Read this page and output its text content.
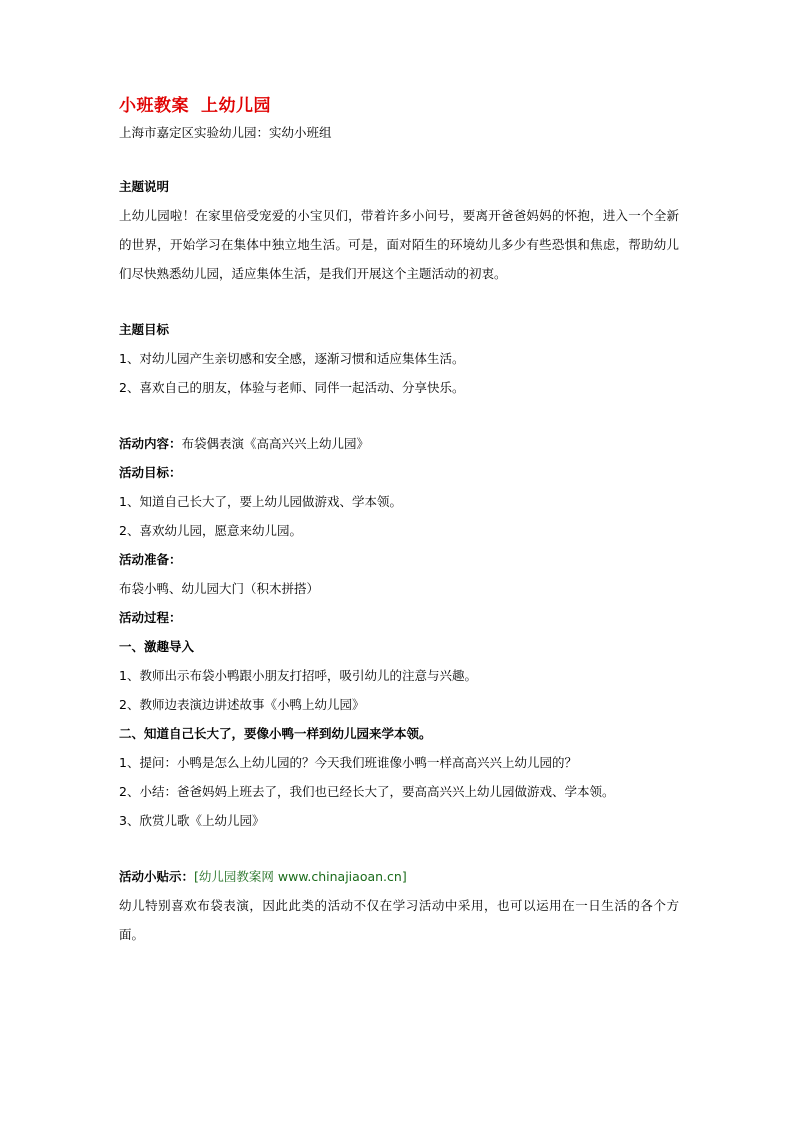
小班教案 上幼儿园

上海市嘉定区实验幼儿园：实幼小班组

主题说明

上幼儿园啦！在家里倍受宠爱的小宝贝们，带着许多小问号，要离开爸爸妈妈的怀抱，进入一个全新的世界，开始学习在集体中独立地生活。可是，面对陌生的环境幼儿多少有些恐惧和焦虑，帮助幼儿们尽快熟悉幼儿园，适应集体生活，是我们开展这个主题活动的初衷。

主题目标

1、对幼儿园产生亲切感和安全感，逐渐习惯和适应集体生活。

2、喜欢自己的朋友，体验与老师、同伴一起活动、分享快乐。

活动内容：布袋偶表演《高高兴兴上幼儿园》

活动目标：

1、知道自己长大了，要上幼儿园做游戏、学本领。

2、喜欢幼儿园，愿意来幼儿园。

活动准备：

布袋小鸭、幼儿园大门（积木拼搭）

活动过程：

一、激趣导入

1、教师出示布袋小鸭跟小朋友打招呼，吸引幼儿的注意与兴趣。

2、教师边表演边讲述故事《小鸭上幼儿园》

二、知道自己长大了，要像小鸭一样到幼儿园来学本领。

1、提问：小鸭是怎么上幼儿园的？今天我们班谁像小鸭一样高高兴兴上幼儿园的？

2、小结：爸爸妈妈上班去了，我们也已经长大了，要高高兴兴上幼儿园做游戏、学本领。

3、欣赏儿歌《上幼儿园》

活动小贴示：[幼儿园教案网 www.chinajiaoan.cn]

幼儿特别喜欢布袋表演，因此此类的活动不仅在学习活动中采用，也可以运用在一日生活的各个方面。
